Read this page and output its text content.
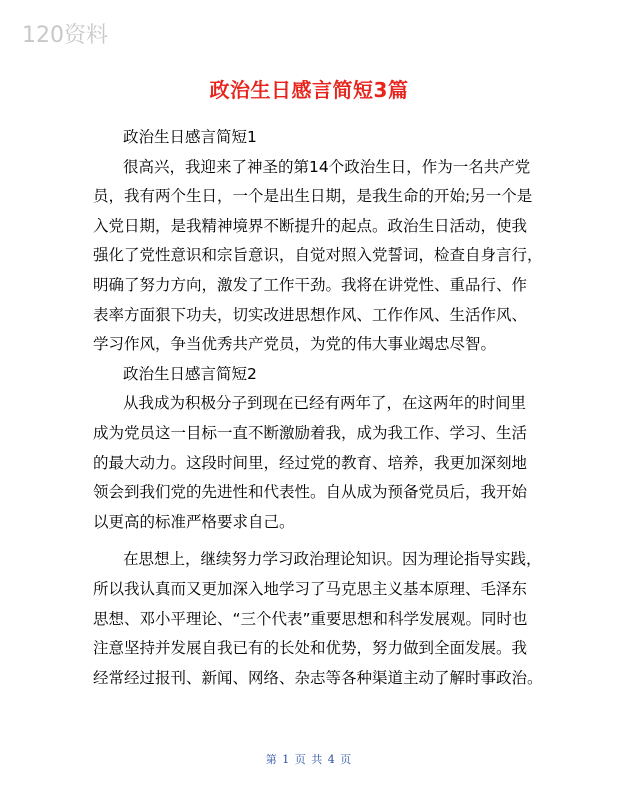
120资料
政治生日感言简短3篇
政治生日感言简短1
很高兴，我迎来了神圣的第14个政治生日，作为一名共产党
员，我有两个生日，一个是出生日期，是我生命的开始;另一个是
入党日期，是我精神境界不断提升的起点。政治生日活动，使我
强化了党性意识和宗旨意识，自觉对照入党誓词，检查自身言行，
明确了努力方向，激发了工作干劲。我将在讲党性、重品行、作
表率方面狠下功夫，切实改进思想作风、工作作风、生活作风、
学习作风，争当优秀共产党员，为党的伟大事业竭忠尽智。
政治生日感言简短2
从我成为积极分子到现在已经有两年了，在这两年的时间里
成为党员这一目标一直不断激励着我，成为我工作、学习、生活
的最大动力。这段时间里，经过党的教育、培养，我更加深刻地
领会到我们党的先进性和代表性。自从成为预备党员后，我开始
以更高的标准严格要求自己。
在思想上，继续努力学习政治理论知识。因为理论指导实践，
所以我认真而又更加深入地学习了马克思主义基本原理、毛泽东
思想、邓小平理论、“三个代表”重要思想和科学发展观。同时也
注意坚持并发展自我已有的长处和优势，努力做到全面发展。我
经常经过报刊、新闻、网络、杂志等各种渠道主动了解时事政治。
第 1 页 共 4 页
